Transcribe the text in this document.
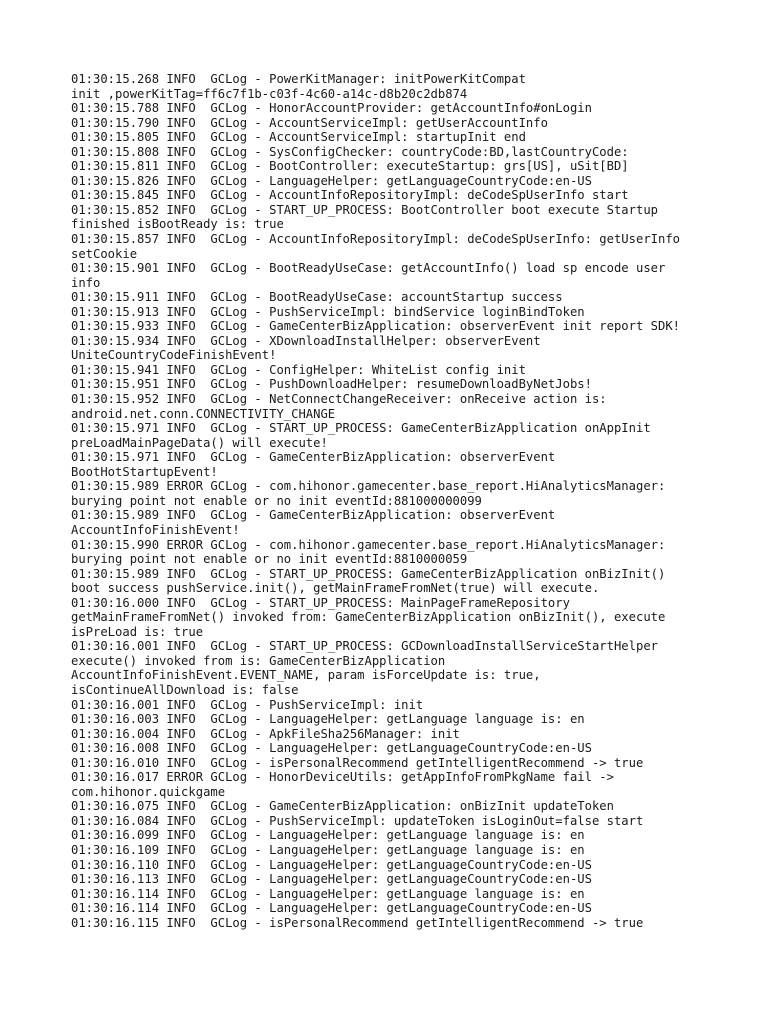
01:30:15.268 INFO  GCLog - PowerKitManager: initPowerKitCompat
init ,powerKitTag=ff6c7f1b-c03f-4c60-a14c-d8b20c2db874
01:30:15.788 INFO  GCLog - HonorAccountProvider: getAccountInfo#onLogin
01:30:15.790 INFO  GCLog - AccountServiceImpl: getUserAccountInfo
01:30:15.805 INFO  GCLog - AccountServiceImpl: startupInit end
01:30:15.808 INFO  GCLog - SysConfigChecker: countryCode:BD,lastCountryCode:
01:30:15.811 INFO  GCLog - BootController: executeStartup: grs[US], uSit[BD]
01:30:15.826 INFO  GCLog - LanguageHelper: getLanguageCountryCode:en-US
01:30:15.845 INFO  GCLog - AccountInfoRepositoryImpl: deCodeSpUserInfo start
01:30:15.852 INFO  GCLog - START_UP_PROCESS: BootController boot execute Startup
finished isBootReady is: true
01:30:15.857 INFO  GCLog - AccountInfoRepositoryImpl: deCodeSpUserInfo: getUserInfo
setCookie
01:30:15.901 INFO  GCLog - BootReadyUseCase: getAccountInfo() load sp encode user
info
01:30:15.911 INFO  GCLog - BootReadyUseCase: accountStartup success
01:30:15.913 INFO  GCLog - PushServiceImpl: bindService loginBindToken
01:30:15.933 INFO  GCLog - GameCenterBizApplication: observerEvent init report SDK!
01:30:15.934 INFO  GCLog - XDownloadInstallHelper: observerEvent
UniteCountryCodeFinishEvent!
01:30:15.941 INFO  GCLog - ConfigHelper: WhiteList config init
01:30:15.951 INFO  GCLog - PushDownloadHelper: resumeDownloadByNetJobs!
01:30:15.952 INFO  GCLog - NetConnectChangeReceiver: onReceive action is:
android.net.conn.CONNECTIVITY_CHANGE
01:30:15.971 INFO  GCLog - START_UP_PROCESS: GameCenterBizApplication onAppInit
preLoadMainPageData() will execute!
01:30:15.971 INFO  GCLog - GameCenterBizApplication: observerEvent
BootHotStartupEvent!
01:30:15.989 ERROR GCLog - com.hihonor.gamecenter.base_report.HiAnalyticsManager:
burying point not enable or no init eventId:881000000099
01:30:15.989 INFO  GCLog - GameCenterBizApplication: observerEvent
AccountInfoFinishEvent!
01:30:15.990 ERROR GCLog - com.hihonor.gamecenter.base_report.HiAnalyticsManager:
burying point not enable or no init eventId:8810000059
01:30:15.989 INFO  GCLog - START_UP_PROCESS: GameCenterBizApplication onBizInit()
boot success pushService.init(), getMainFrameFromNet(true) will execute.
01:30:16.000 INFO  GCLog - START_UP_PROCESS: MainPageFrameRepository
getMainFrameFromNet() invoked from: GameCenterBizApplication onBizInit(), execute
isPreLoad is: true
01:30:16.001 INFO  GCLog - START_UP_PROCESS: GCDownloadInstallServiceStartHelper
execute() invoked from is: GameCenterBizApplication
AccountInfoFinishEvent.EVENT_NAME, param isForceUpdate is: true,
isContinueAllDownload is: false
01:30:16.001 INFO  GCLog - PushServiceImpl: init
01:30:16.003 INFO  GCLog - LanguageHelper: getLanguage language is: en
01:30:16.004 INFO  GCLog - ApkFileSha256Manager: init
01:30:16.008 INFO  GCLog - LanguageHelper: getLanguageCountryCode:en-US
01:30:16.010 INFO  GCLog - isPersonalRecommend getIntelligentRecommend -> true
01:30:16.017 ERROR GCLog - HonorDeviceUtils: getAppInfoFromPkgName fail ->
com.hihonor.quickgame
01:30:16.075 INFO  GCLog - GameCenterBizApplication: onBizInit updateToken
01:30:16.084 INFO  GCLog - PushServiceImpl: updateToken isLoginOut=false start
01:30:16.099 INFO  GCLog - LanguageHelper: getLanguage language is: en
01:30:16.109 INFO  GCLog - LanguageHelper: getLanguage language is: en
01:30:16.110 INFO  GCLog - LanguageHelper: getLanguageCountryCode:en-US
01:30:16.113 INFO  GCLog - LanguageHelper: getLanguageCountryCode:en-US
01:30:16.114 INFO  GCLog - LanguageHelper: getLanguage language is: en
01:30:16.114 INFO  GCLog - LanguageHelper: getLanguageCountryCode:en-US
01:30:16.115 INFO  GCLog - isPersonalRecommend getIntelligentRecommend -> true
